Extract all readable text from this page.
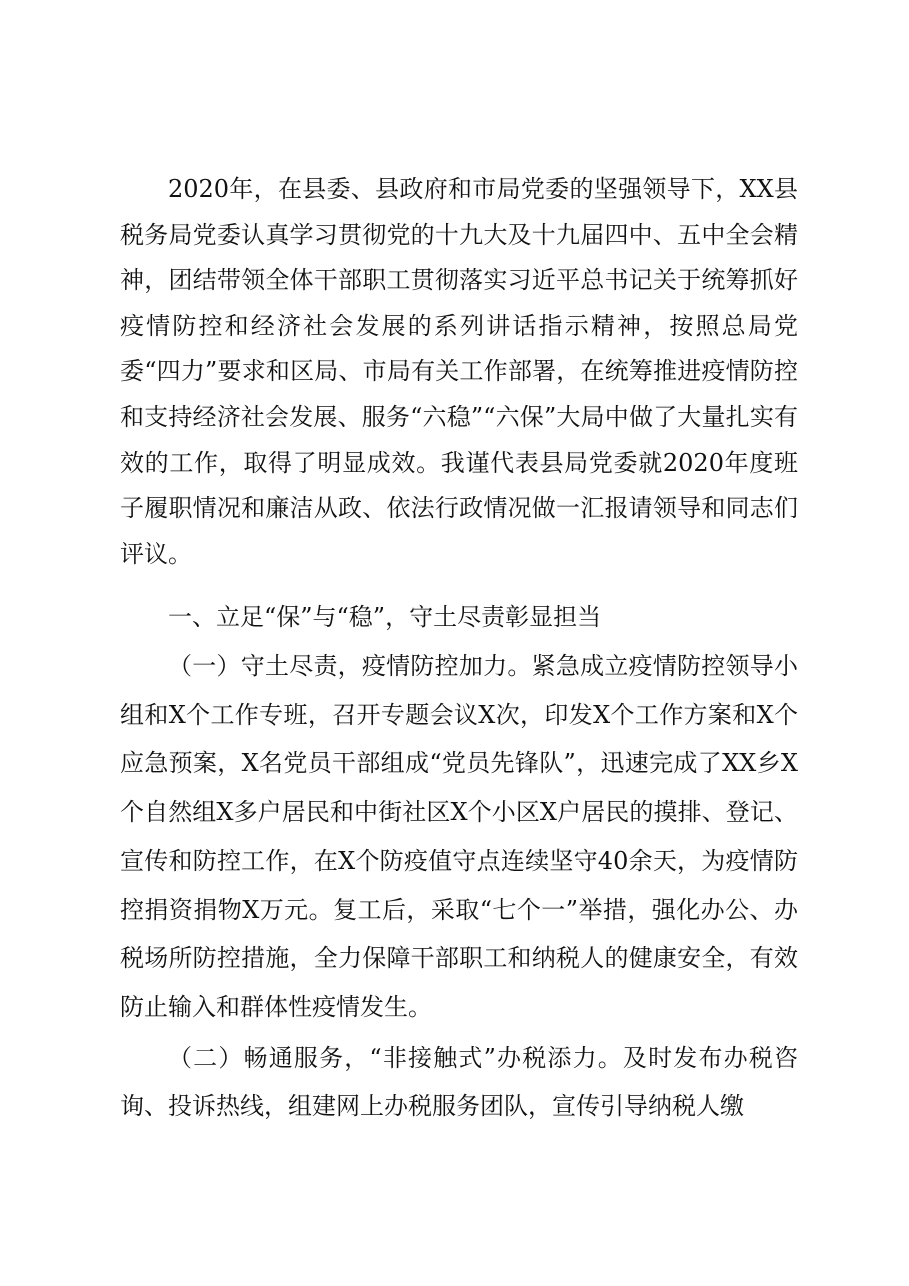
2020年，在县委、县政府和市局党委的坚强领导下，XX县税务局党委认真学习贯彻党的十九大及十九届四中、五中全会精神，团结带领全体干部职工贯彻落实习近平总书记关于统筹抓好疫情防控和经济社会发展的系列讲话指示精神，按照总局党委“四力”要求和区局、市局有关工作部署，在统筹推进疫情防控和支持经济社会发展、服务“六稳”“六保”大局中做了大量扎实有效的工作，取得了明显成效。我谨代表县局党委就2020年度班子履职情况和廉洁从政、依法行政情况做一汇报请领导和同志们评议。

一、立足“保”与“稳”，守土尽责彰显担当

（一）守土尽责，疫情防控加力。紧急成立疫情防控领导小组和X个工作专班，召开专题会议X次，印发X个工作方案和X个应急预案，X名党员干部组成“党员先锋队”，迅速完成了XX乡X个自然组X多户居民和中街社区X个小区X户居民的摸排、登记、宣传和防控工作，在X个防疫值守点连续坚守40余天，为疫情防控捐资捐物X万元。复工后，采取“七个一”举措，强化办公、办税场所防控措施，全力保障干部职工和纳税人的健康安全，有效防止输入和群体性疫情发生。

（二）畅通服务，“非接触式”办税添力。及时发布办税咨询、投诉热线，组建网上办税服务团队，宣传引导纳税人缴
